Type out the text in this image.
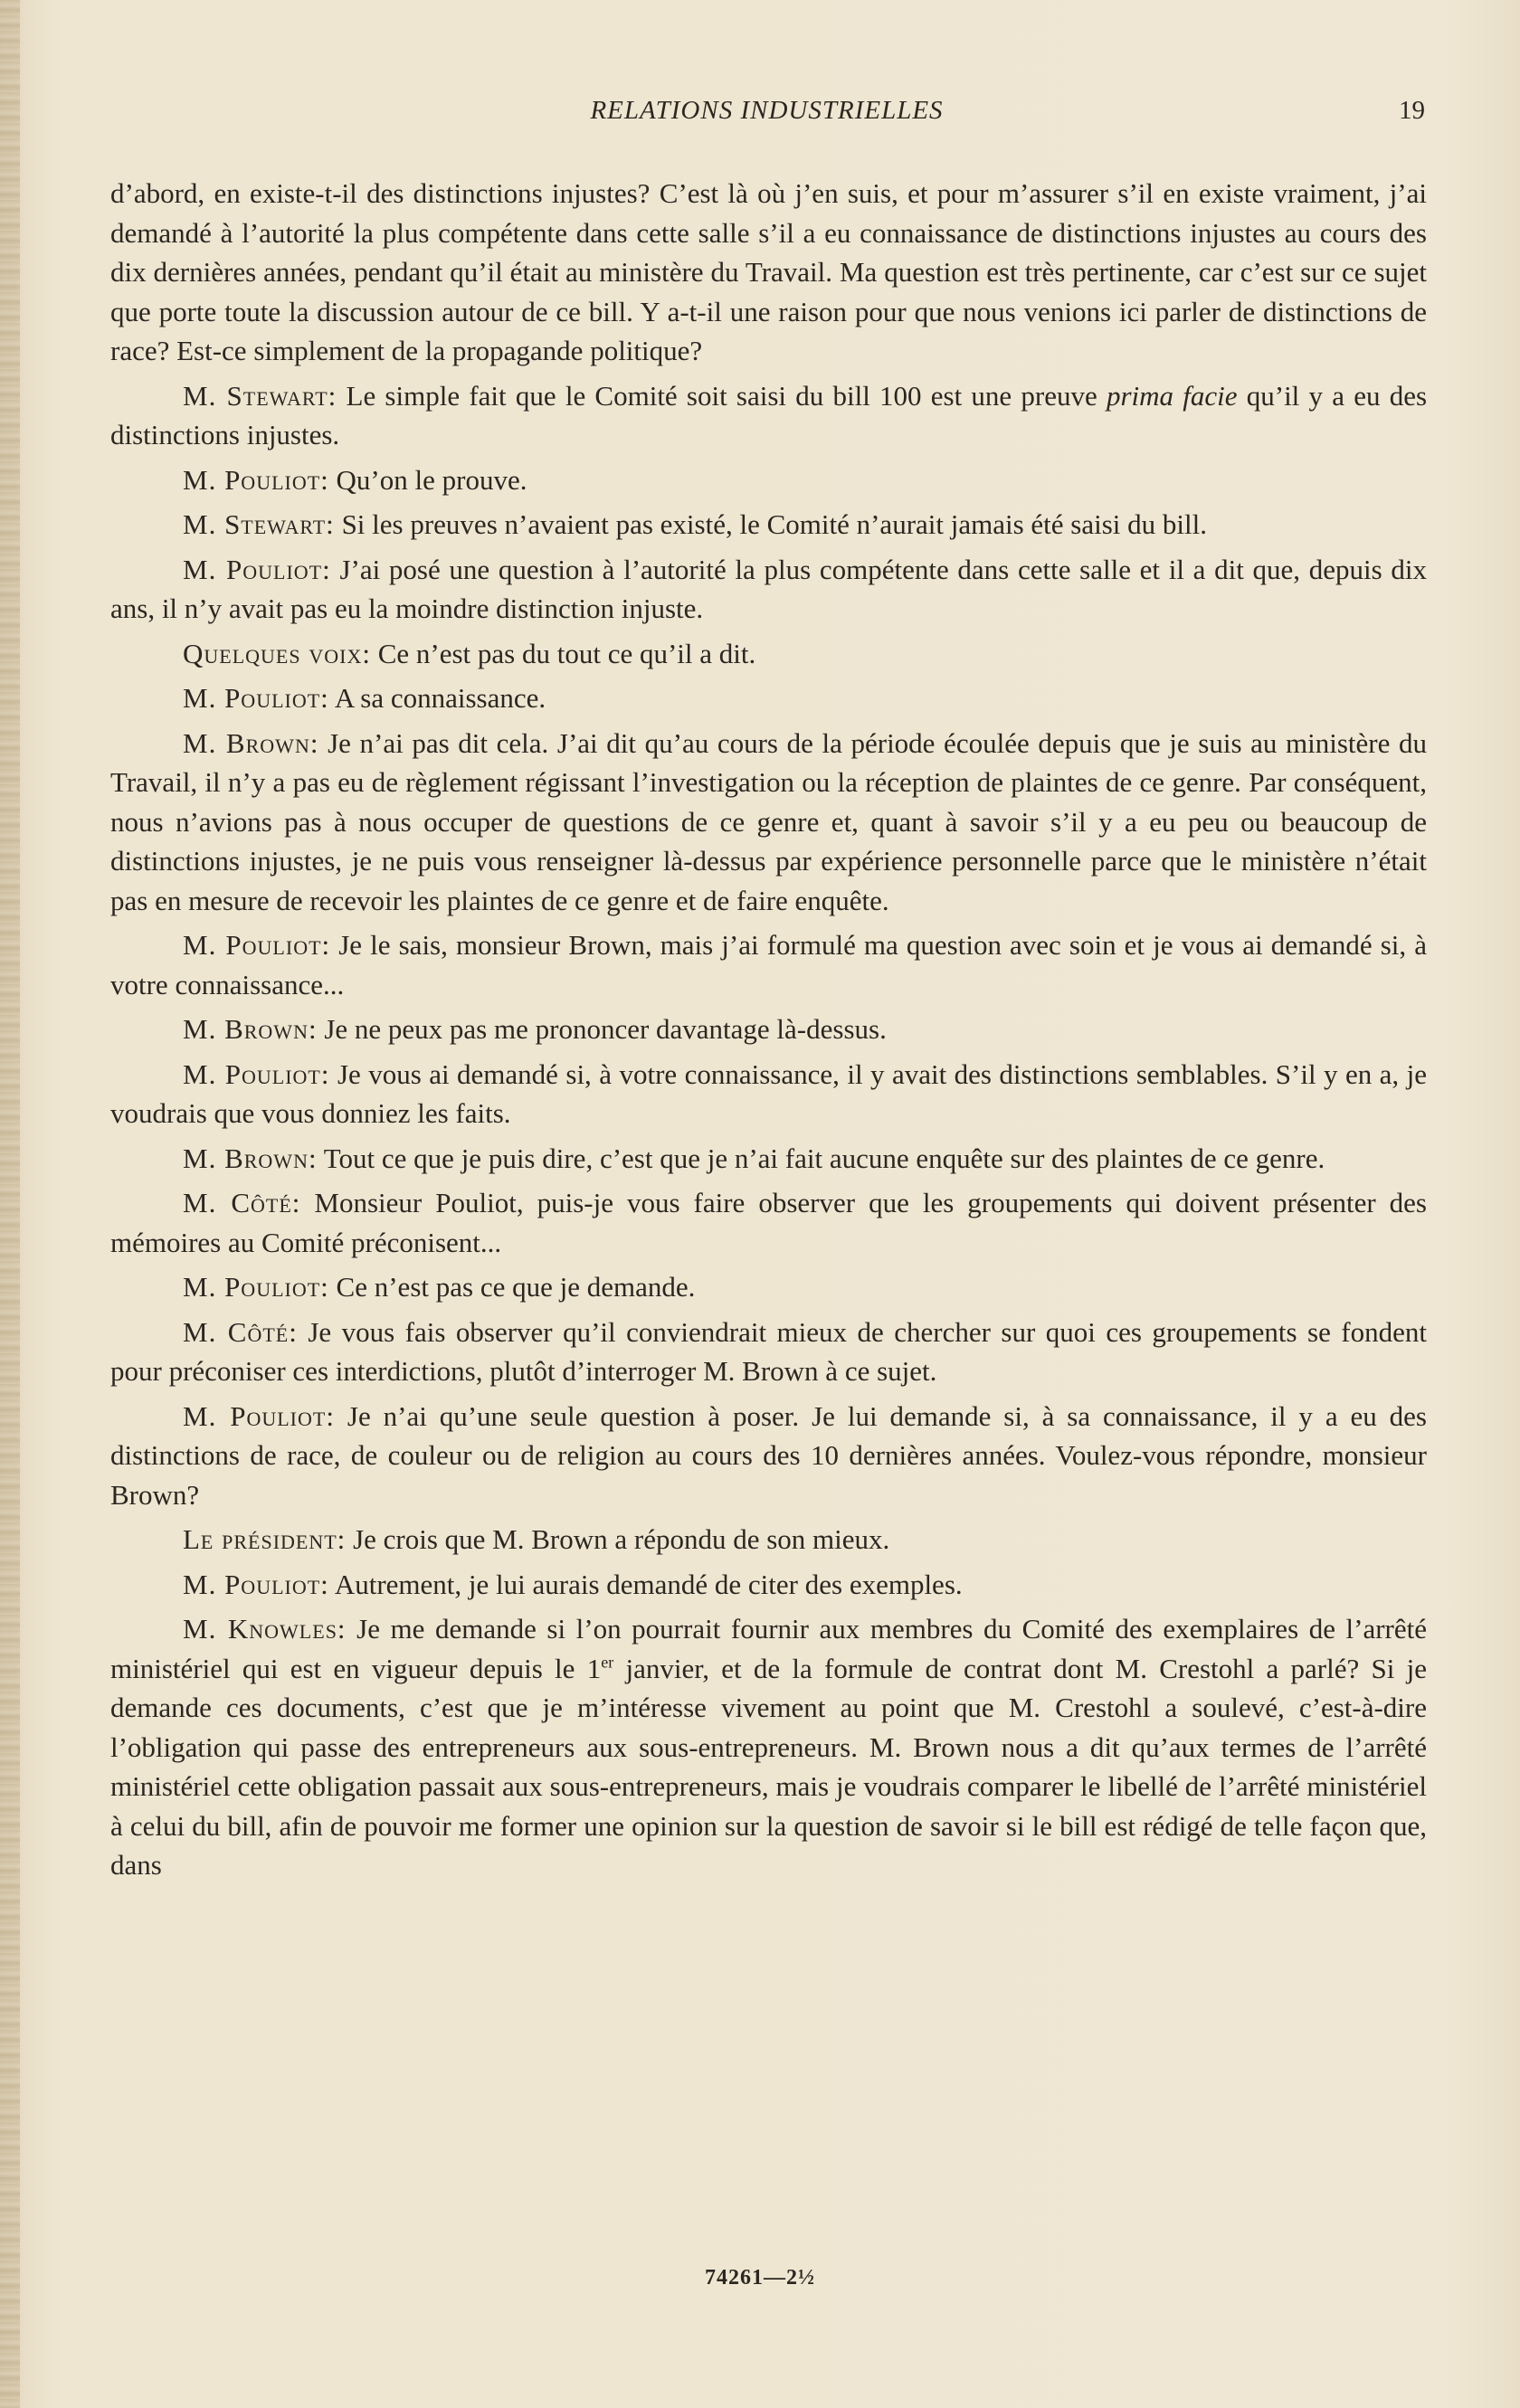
RELATIONS INDUSTRIELLES	19

d’abord, en existe-t-il des distinctions injustes? C’est là où j’en suis, et pour m’assurer s’il en existe vraiment, j’ai demandé à l’autorité la plus compétente dans cette salle s’il a eu connaissance de distinctions injustes au cours des dix dernières années, pendant qu’il était au ministère du Travail. Ma question est très pertinente, car c’est sur ce sujet que porte toute la discussion autour de ce bill. Y a-t-il une raison pour que nous venions ici parler de distinctions de race? Est-ce simplement de la propagande politique?

M. Stewart: Le simple fait que le Comité soit saisi du bill 100 est une preuve prima facie qu’il y a eu des distinctions injustes.

M. Pouliot: Qu’on le prouve.

M. Stewart: Si les preuves n’avaient pas existé, le Comité n’aurait jamais été saisi du bill.

M. Pouliot: J’ai posé une question à l’autorité la plus compétente dans cette salle et il a dit que, depuis dix ans, il n’y avait pas eu la moindre distinction injuste.

Quelques voix: Ce n’est pas du tout ce qu’il a dit.

M. Pouliot: A sa connaissance.

M. Brown: Je n’ai pas dit cela. J’ai dit qu’au cours de la période écoulée depuis que je suis au ministère du Travail, il n’y a pas eu de règlement régissant l’investigation ou la réception de plaintes de ce genre. Par conséquent, nous n’avions pas à nous occuper de questions de ce genre et, quant à savoir s’il y a eu peu ou beaucoup de distinctions injustes, je ne puis vous renseigner là-dessus par expérience personnelle parce que le ministère n’était pas en mesure de recevoir les plaintes de ce genre et de faire enquête.

M. Pouliot: Je le sais, monsieur Brown, mais j’ai formulé ma question avec soin et je vous ai demandé si, à votre connaissance...

M. Brown: Je ne peux pas me prononcer davantage là-dessus.

M. Pouliot: Je vous ai demandé si, à votre connaissance, il y avait des distinctions semblables. S’il y en a, je voudrais que vous donniez les faits.

M. Brown: Tout ce que je puis dire, c’est que je n’ai fait aucune enquête sur des plaintes de ce genre.

M. Côté: Monsieur Pouliot, puis-je vous faire observer que les groupements qui doivent présenter des mémoires au Comité préconisent...

M. Pouliot: Ce n’est pas ce que je demande.

M. Côté: Je vous fais observer qu’il conviendrait mieux de chercher sur quoi ces groupements se fondent pour préconiser ces interdictions, plutôt d’interroger M. Brown à ce sujet.

M. Pouliot: Je n’ai qu’une seule question à poser. Je lui demande si, à sa connaissance, il y a eu des distinctions de race, de couleur ou de religion au cours des 10 dernières années. Voulez-vous répondre, monsieur Brown?

Le président: Je crois que M. Brown a répondu de son mieux.

M. Pouliot: Autrement, je lui aurais demandé de citer des exemples.

M. Knowles: Je me demande si l’on pourrait fournir aux membres du Comité des exemplaires de l’arrêté ministériel qui est en vigueur depuis le 1er janvier, et de la formule de contrat dont M. Crestohl a parlé? Si je demande ces documents, c’est que je m’intéresse vivement au point que M. Crestohl a soulevé, c’est-à-dire l’obligation qui passe des entrepreneurs aux sous-entrepreneurs. M. Brown nous a dit qu’aux termes de l’arrêté ministériel cette obligation passait aux sous-entrepreneurs, mais je voudrais comparer le libellé de l’arrêté ministériel à celui du bill, afin de pouvoir me former une opinion sur la question de savoir si le bill est rédigé de telle façon que, dans

74261—2½
